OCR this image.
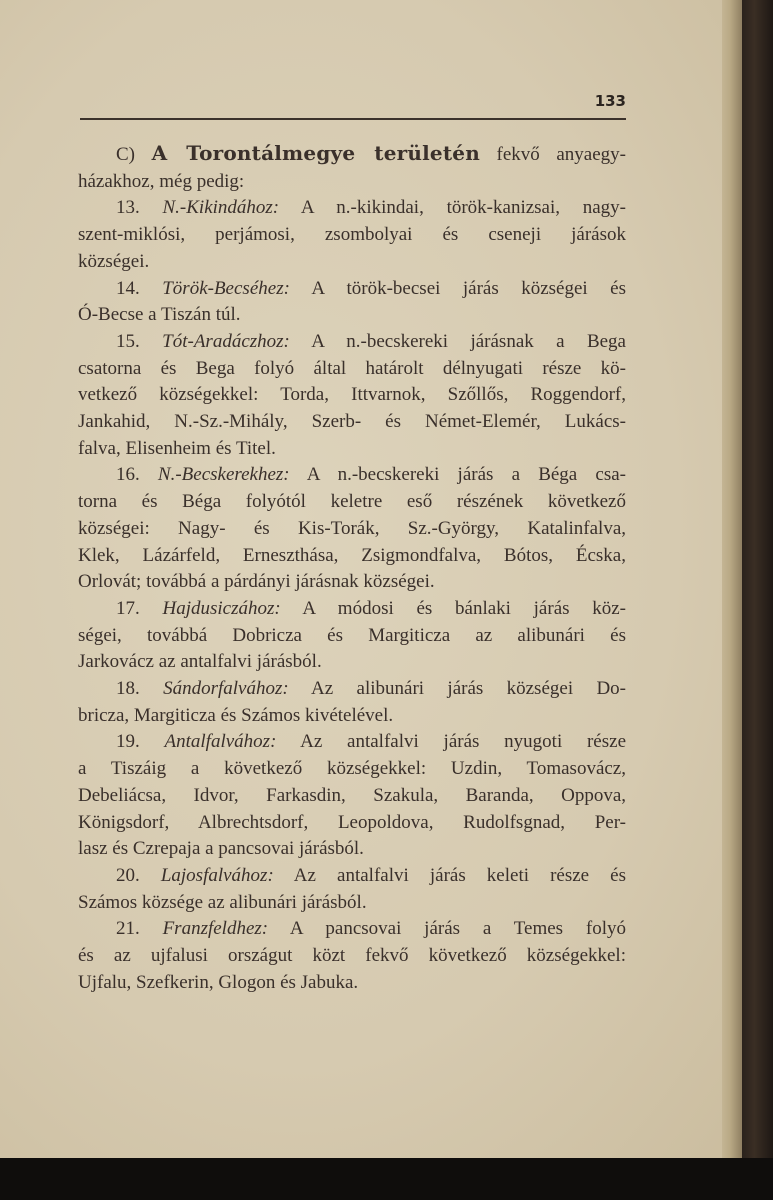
133
C) A Torontálmegye területén fekvő anyaegy-
házakhoz, még pedig:
13. N.-Kikindához: A n.-kikindai, török-kanizsai, nagy-
szent-miklósi, perjámosi, zsombolyai és cseneji járások
községei.
14. Török-Becséhez: A török-becsei járás községei és
Ó-Becse a Tiszán túl.
15. Tót-Aradáczhoz: A n.-becskereki járásnak a Bega
csatorna és Bega folyó által határolt délnyugati része kö-
vetkező községekkel: Torda, Ittvarnok, Szőllős, Roggendorf,
Jankahid, N.-Sz.-Mihály, Szerb- és Német-Elemér, Lukács-
falva, Elisenheim és Titel.
16. N.-Becskerekhez: A n.-becskereki járás a Béga csa-
torna és Béga folyótól keletre eső részének következő
községei: Nagy- és Kis-Torák, Sz.-György, Katalinfalva,
Klek, Lázárfeld, Erneszthása, Zsigmondfalva, Bótos, Écska,
Orlovát; továbbá a párdányi járásnak községei.
17. Hajdusiczához: A módosi és bánlaki járás köz-
ségei, továbbá Dobricza és Margiticza az alibunári és
Jarkovácz az antalfalvi járásból.
18. Sándorfalvához: Az alibunári járás községei Do-
bricza, Margiticza és Számos kivételével.
19. Antalfalvához: Az antalfalvi járás nyugoti része
a Tiszáig a következő községekkel: Uzdin, Tomasovácz,
Debeliácsa, Idvor, Farkasdin, Szakula, Baranda, Oppova,
Königsdorf, Albrechtsdorf, Leopoldova, Rudolfsgnad, Per-
lasz és Czrepaja a pancsovai járásból.
20. Lajosfalvához: Az antalfalvi járás keleti része és
Számos községe az alibunári járásból.
21. Franzfeldhez: A pancsovai járás a Temes folyó
és az ujfalusi országut közt fekvő következő községekkel:
Ujfalu, Szefkerin, Glogon és Jabuka.
